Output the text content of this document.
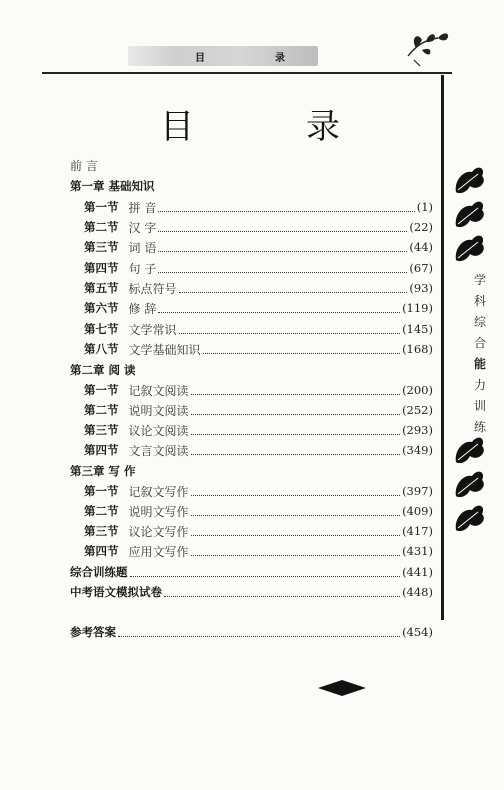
目	录
目	录
前 言
第一章 基础知识
第一节 拼 音	(1)
第二节 汉 字	(22)
第三节 词 语	(44)
第四节 句 子	(67)
第五节 标点符号	(93)
第六节 修 辞	(119)
第七节 文学常识	(145)
第八节 文学基础知识	(168)
第二章 阅 读
第一节 记叙文阅读	(200)
第二节 说明文阅读	(252)
第三节 议论文阅读	(293)
第四节 文言文阅读	(349)
第三章 写 作
第一节 记叙文写作	(397)
第二节 说明文写作	(409)
第三节 议论文写作	(417)
第四节 应用文写作	(431)
综合训练题	(441)
中考语文模拟试卷	(448)
参考答案	(454)
学
科
综
合
能
力
训
练
